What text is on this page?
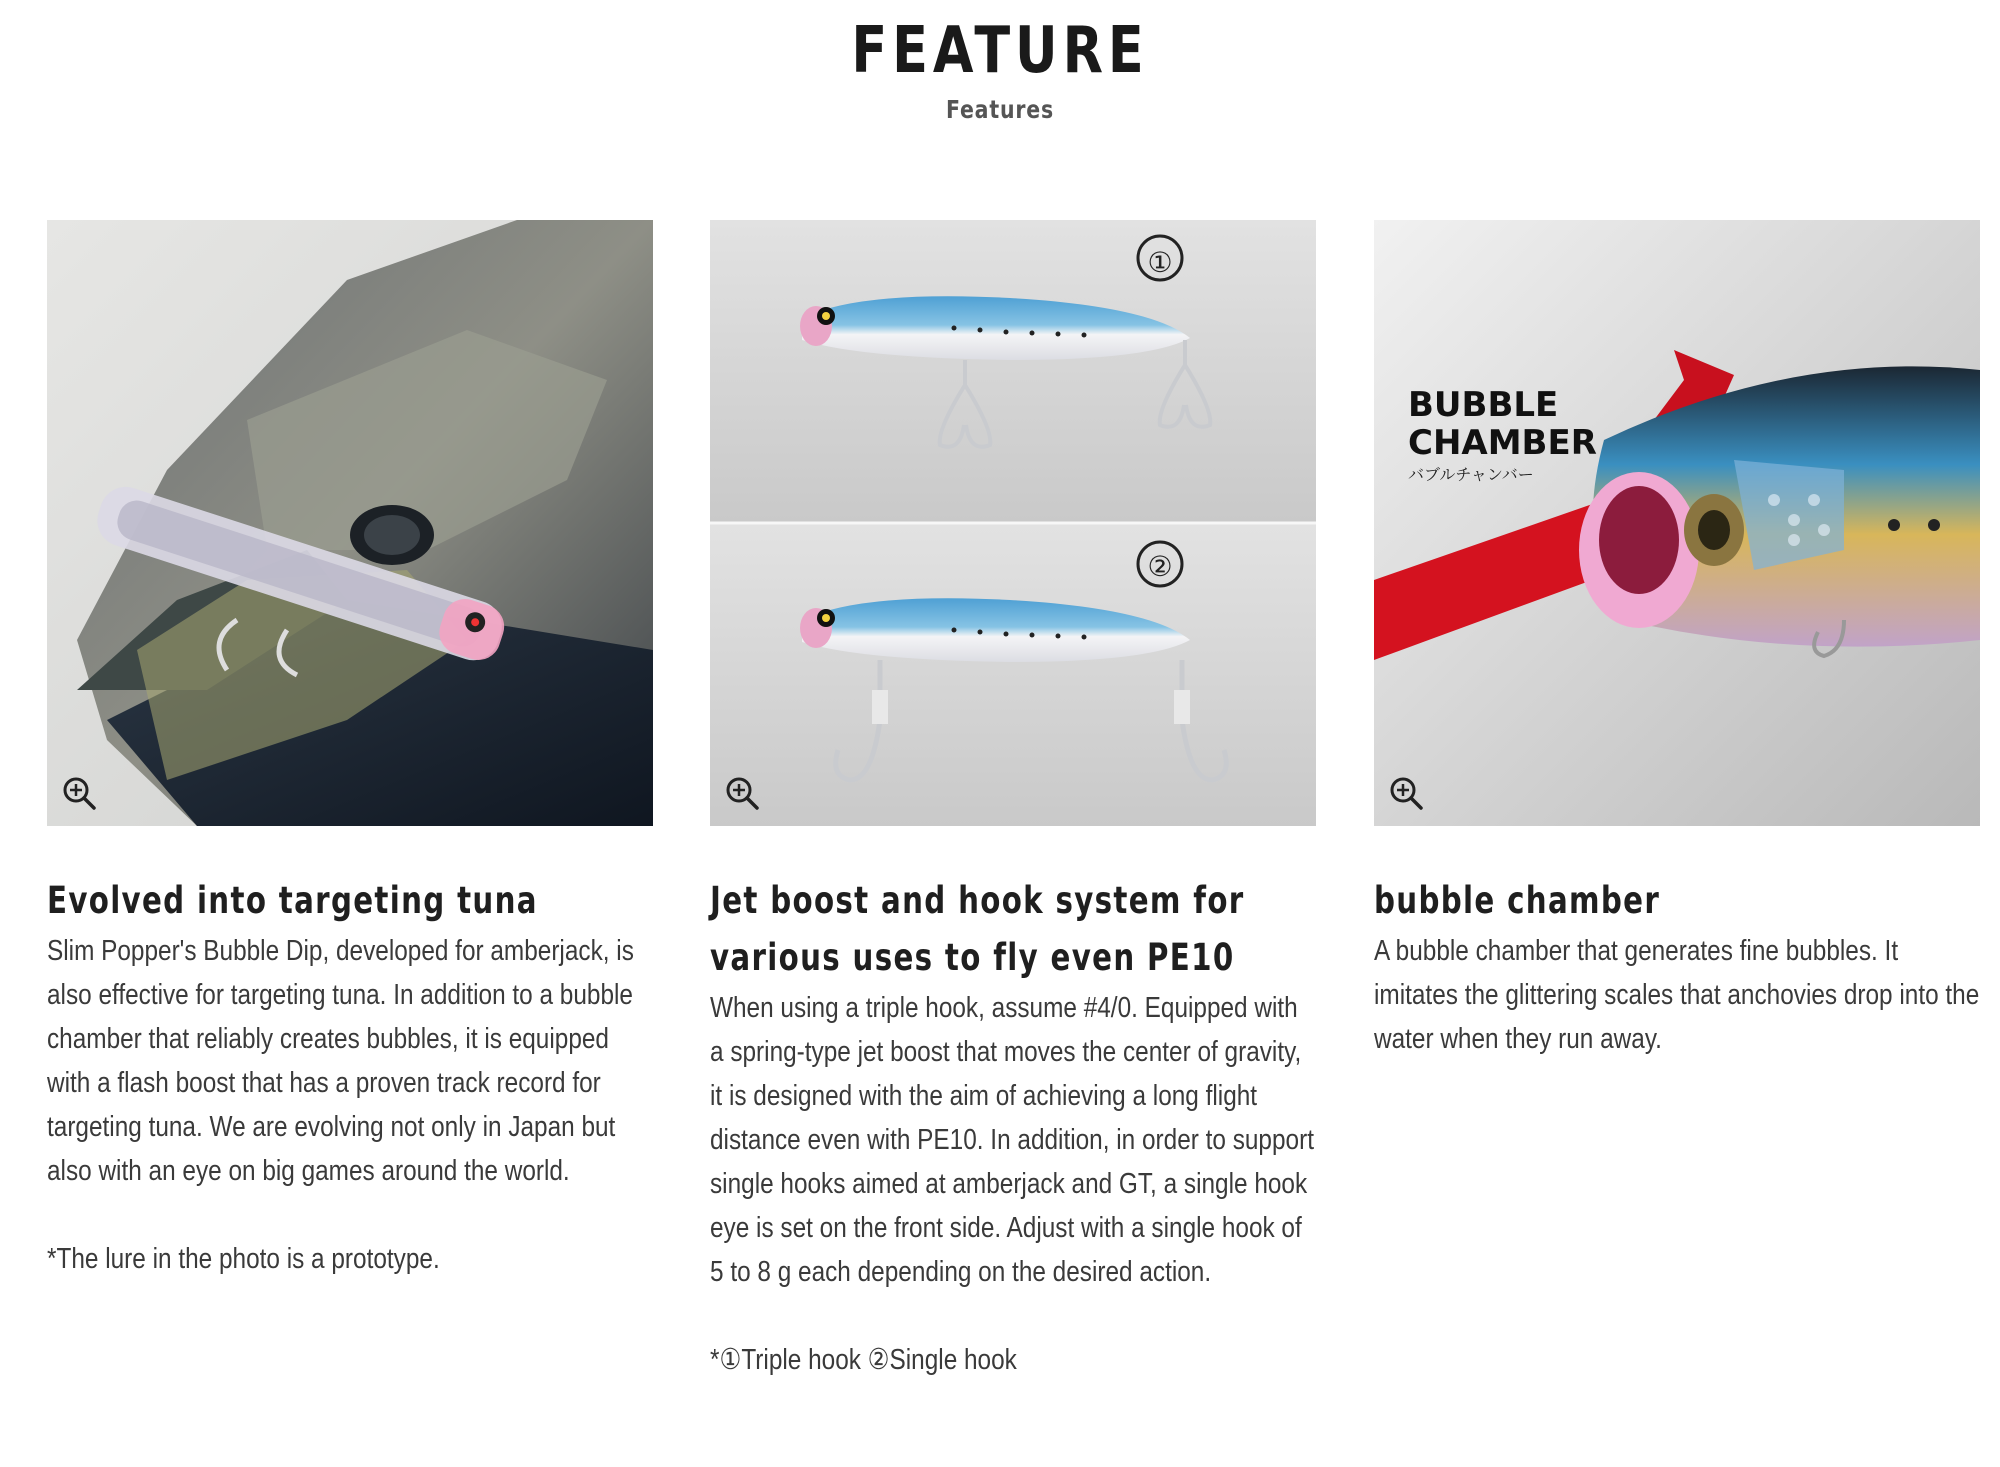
FEATURE
Features
Evolved into targeting tuna
Slim Popper's Bubble Dip, developed for amberjack, is also effective for targeting tuna. In addition to a bubble chamber that reliably creates bubbles, it is equipped with a flash boost that has a proven track record for targeting tuna. We are evolving not only in Japan but also with an eye on big games around the world.
*The lure in the photo is a prototype.
①
②
Jet boost and hook system for various uses to fly even PE10
When using a triple hook, assume #4/0. Equipped with a spring-type jet boost that moves the center of gravity, it is designed with the aim of achieving a long flight distance even with PE10. In addition, in order to support single hooks aimed at amberjack and GT, a single hook eye is set on the front side. Adjust with a single hook of 5 to 8 g each depending on the desired action.
*①Triple hook ②Single hook
BUBBLE
CHAMBER
バブルチャンバー
bubble chamber
A bubble chamber that generates fine bubbles. It imitates the glittering scales that anchovies drop into the water when they run away.
